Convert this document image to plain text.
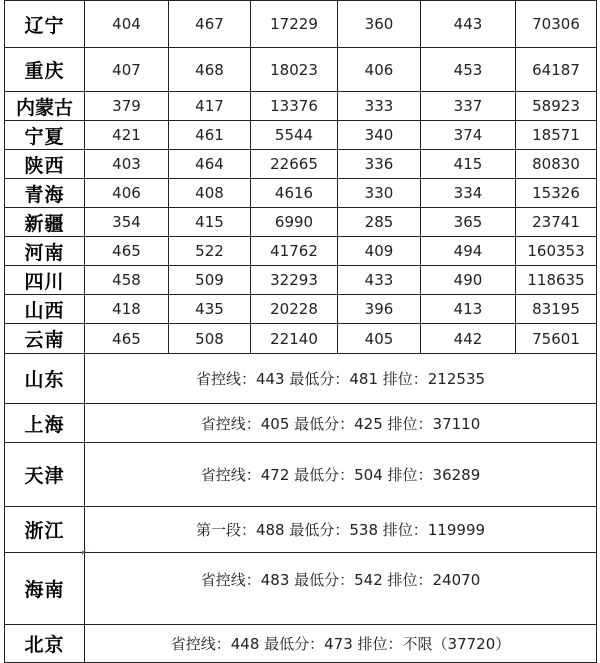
辽宁	404	467	17229	360	443	70306
重庆	407	468	18023	406	453	64187
内蒙古	379	417	13376	333	337	58923
宁夏	421	461	5544	340	374	18571
陕西	403	464	22665	336	415	80830
青海	406	408	4616	330	334	15326
新疆	354	415	6990	285	365	23741
河南	465	522	41762	409	494	160353
四川	458	509	32293	433	490	118635
山西	418	435	20228	396	413	83195
云南	465	508	22140	405	442	75601
山东	省控线：443 最低分：481 排位：212535					
上海	省控线：405 最低分：425 排位：37110					
天津	省控线：472 最低分：504 排位：36289					
浙江	第一段：488 最低分：538 排位：119999					
海南	省控线：483 最低分：542 排位：24070					
北京	省控线：448 最低分：473 排位：不限（37720）					
